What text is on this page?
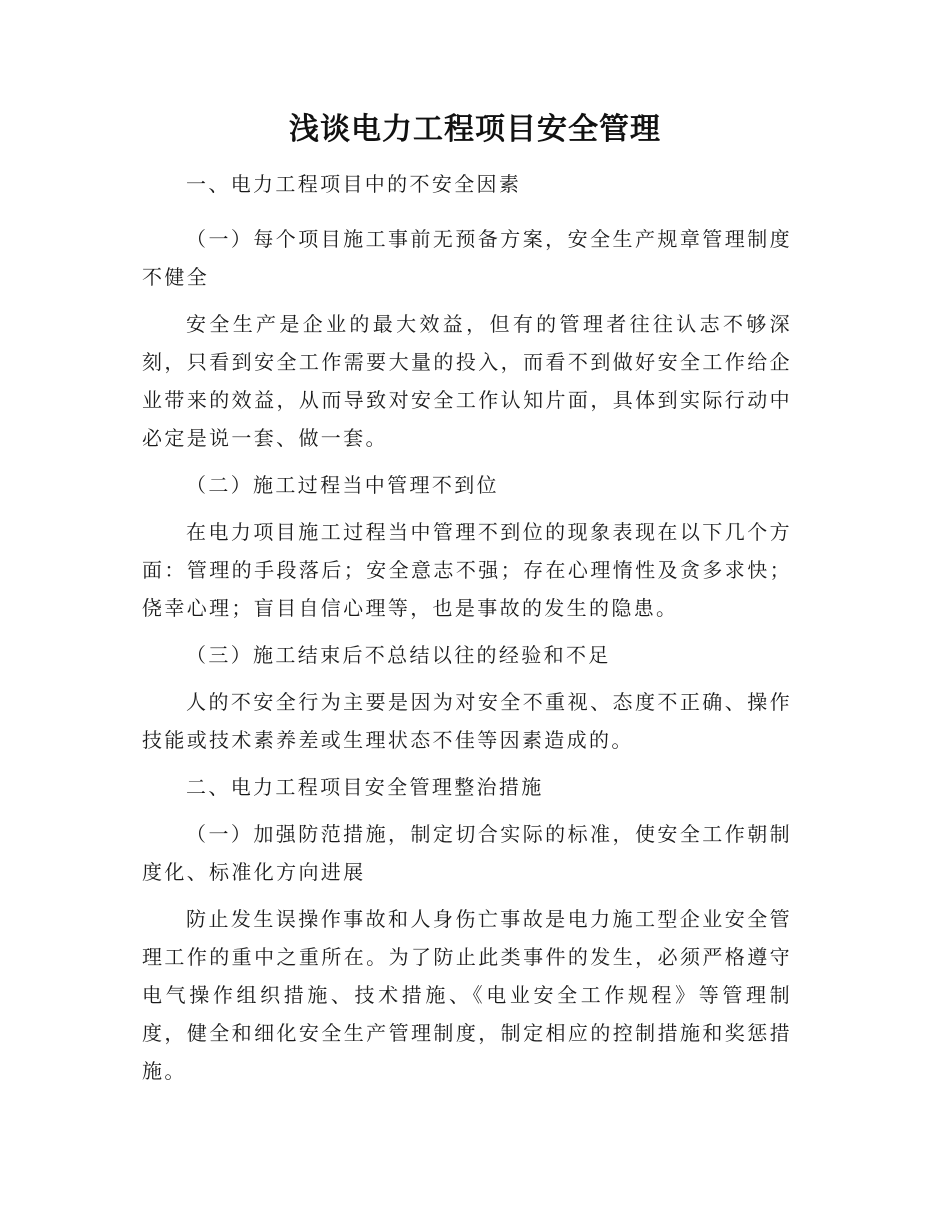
浅谈电力工程项目安全管理

一、电力工程项目中的不安全因素

（一）每个项目施工事前无预备方案，安全生产规章管理制度不健全

安全生产是企业的最大效益，但有的管理者往往认志不够深刻，只看到安全工作需要大量的投入，而看不到做好安全工作给企业带来的效益，从而导致对安全工作认知片面，具体到实际行动中必定是说一套、做一套。

（二）施工过程当中管理不到位

在电力项目施工过程当中管理不到位的现象表现在以下几个方面：管理的手段落后；安全意志不强；存在心理惰性及贪多求快；侥幸心理；盲目自信心理等，也是事故的发生的隐患。

（三）施工结束后不总结以往的经验和不足

人的不安全行为主要是因为对安全不重视、态度不正确、操作技能或技术素养差或生理状态不佳等因素造成的。

二、电力工程项目安全管理整治措施

（一）加强防范措施，制定切合实际的标准，使安全工作朝制度化、标准化方向进展

防止发生误操作事故和人身伤亡事故是电力施工型企业安全管理工作的重中之重所在。为了防止此类事件的发生，必须严格遵守电气操作组织措施、技术措施、《电业安全工作规程》等管理制度，健全和细化安全生产管理制度，制定相应的控制措施和奖惩措施。
